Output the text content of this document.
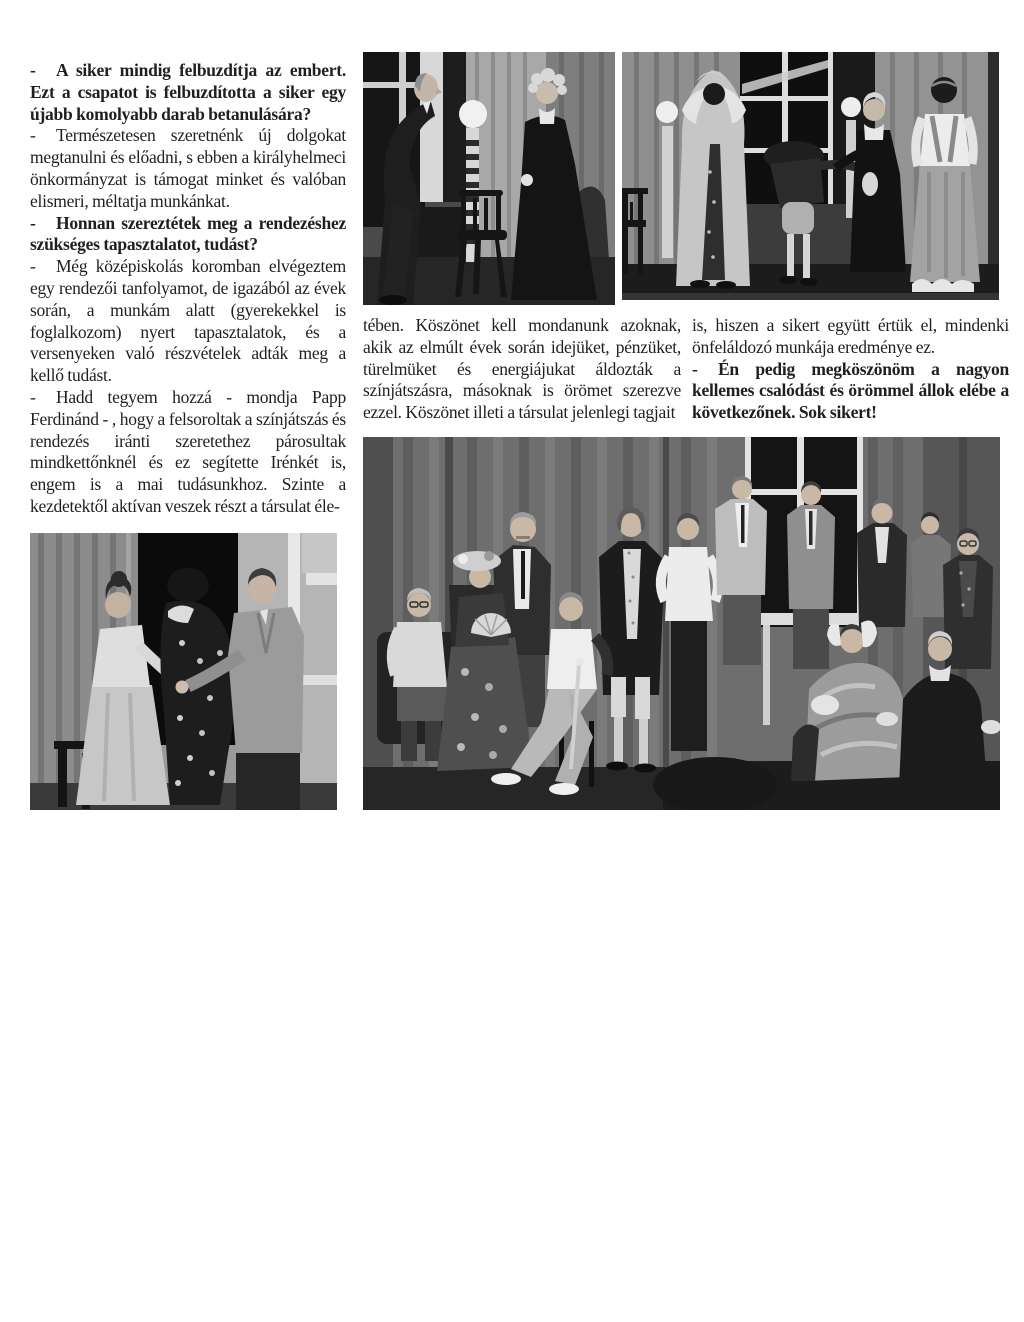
- A siker mindig felbuzdítja az embert. Ezt a csapatot is felbuzdította a siker egy újabb komolyabb darab betanulására?

- Természetesen szeretnénk új dolgokat megtanulni és előadni, s ebben a királyhelmeci önkormányzat is támogat minket és valóban elismeri, méltatja munkánkat.

- Honnan szereztétek meg a rendezéshez szükséges tapasztalatot, tudást?

- Még középiskolás koromban elvégeztem egy rendezői tanfolyamot, de igazából az évek során, a munkám alatt (gyerekekkel is foglalkozom) nyert tapasztalatok, és a versenyeken való részvételek adták meg a kellő tudást.

- Hadd tegyem hozzá - mondja Papp Ferdinánd - , hogy a felsoroltak a színjátszás és rendezés iránti szeretethez párosultak mindkettőnknél és ez segítette Irénkét is, engem is a mai tudásunkhoz. Szinte a kezdetektől aktívan veszek részt a társulat éle-

tében. Köszönet kell mondanunk azoknak, akik az elmúlt évek során idejüket, pénzüket, türelmüket és energiájukat áldozták a színjátszásra, másoknak is örömet szerezve ezzel. Köszönet illeti a társulat jelenlegi tagjait

is, hiszen a sikert együtt értük el, mindenki önfeláldozó munkája eredménye ez.

- Én pedig megköszönöm a nagyon kellemes csalódást és örömmel állok elébe a következőnek. Sok sikert!
